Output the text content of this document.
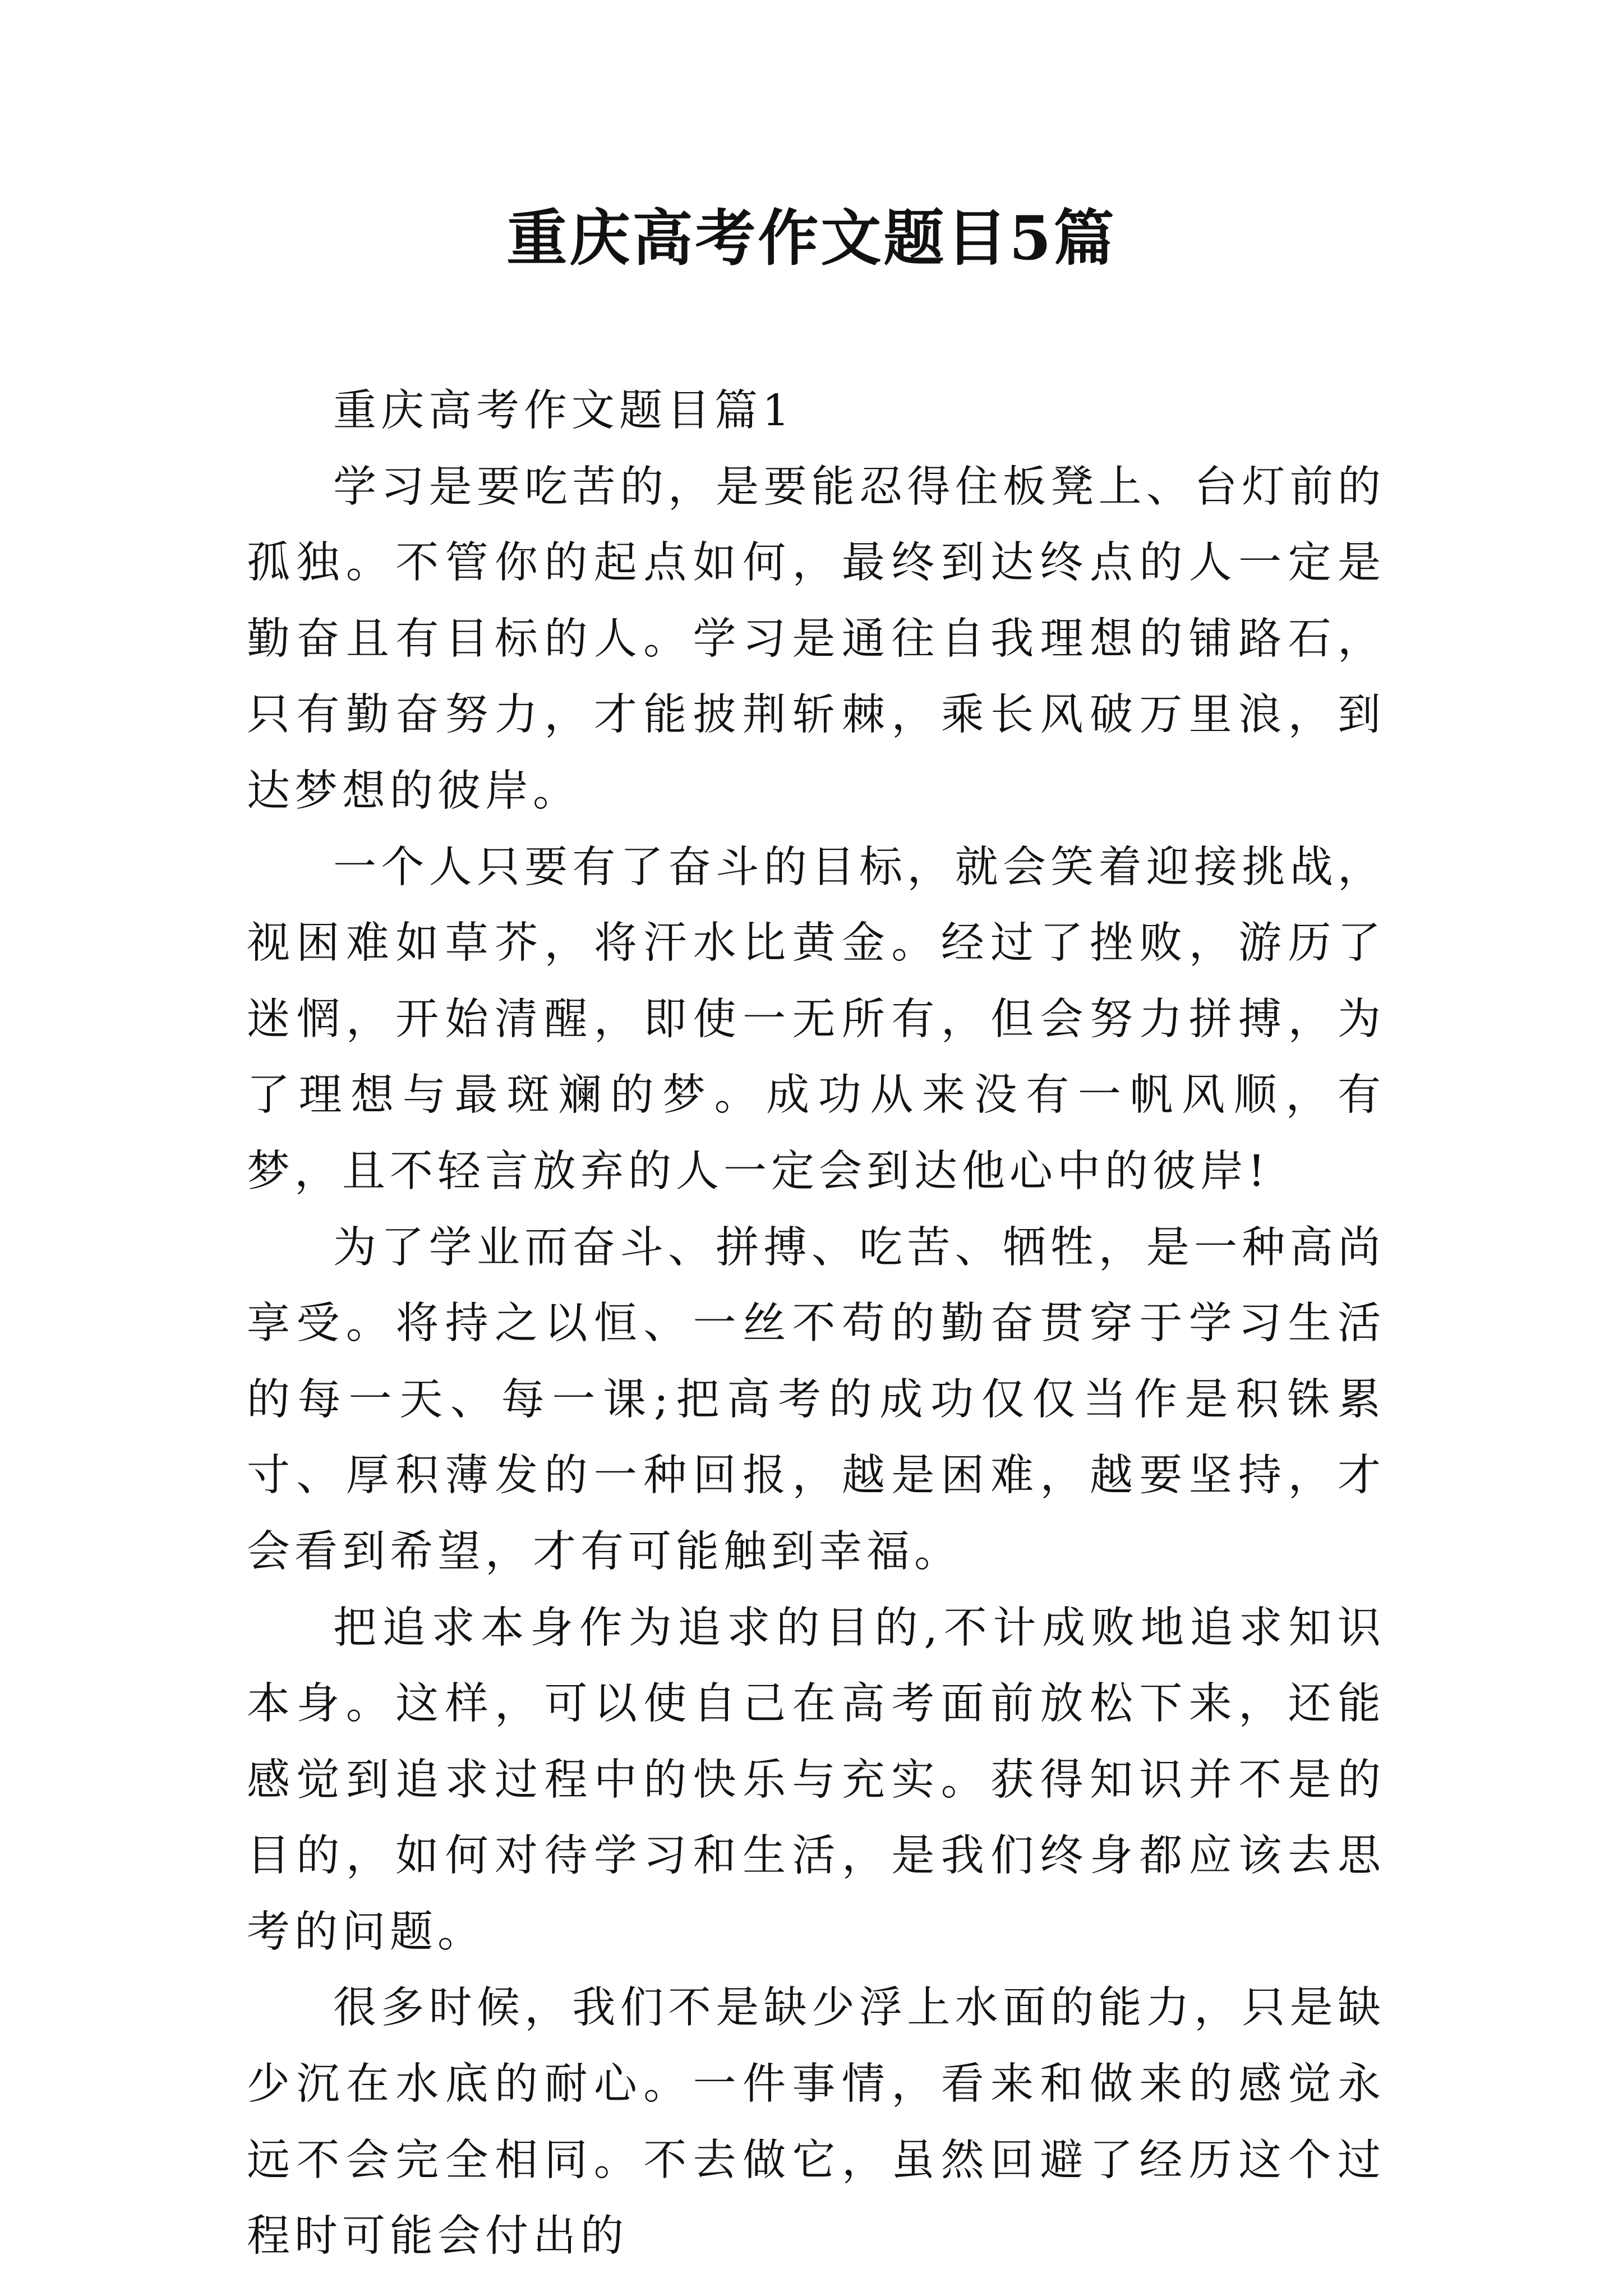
重庆高考作文题目5篇

重庆高考作文题目篇1

学习是要吃苦的，是要能忍得住板凳上、台灯前的孤独。不管你的起点如何，最终到达终点的人一定是勤奋且有目标的人。学习是通往自我理想的铺路石，只有勤奋努力，才能披荆斩棘，乘长风破万里浪，到达梦想的彼岸。

一个人只要有了奋斗的目标，就会笑着迎接挑战，视困难如草芥，将汗水比黄金。经过了挫败，游历了迷惘，开始清醒，即使一无所有，但会努力拼搏，为了理想与最斑斓的梦。成功从来没有一帆风顺，有梦，且不轻言放弃的人一定会到达他心中的彼岸!

为了学业而奋斗、拼搏、吃苦、牺牲，是一种高尚享受。将持之以恒、一丝不苟的勤奋贯穿于学习生活的每一天、每一课;把高考的成功仅仅当作是积铢累寸、厚积薄发的一种回报，越是困难，越要坚持，才会看到希望，才有可能触到幸福。

把追求本身作为追求的目的,不计成败地追求知识本身。这样，可以使自己在高考面前放松下来，还能感觉到追求过程中的快乐与充实。获得知识并不是的目的，如何对待学习和生活，是我们终身都应该去思考的问题。

很多时候，我们不是缺少浮上水面的能力，只是缺少沉在水底的耐心。一件事情，看来和做来的感觉永远不会完全相同。不去做它，虽然回避了经历这个过程时可能会付出的
